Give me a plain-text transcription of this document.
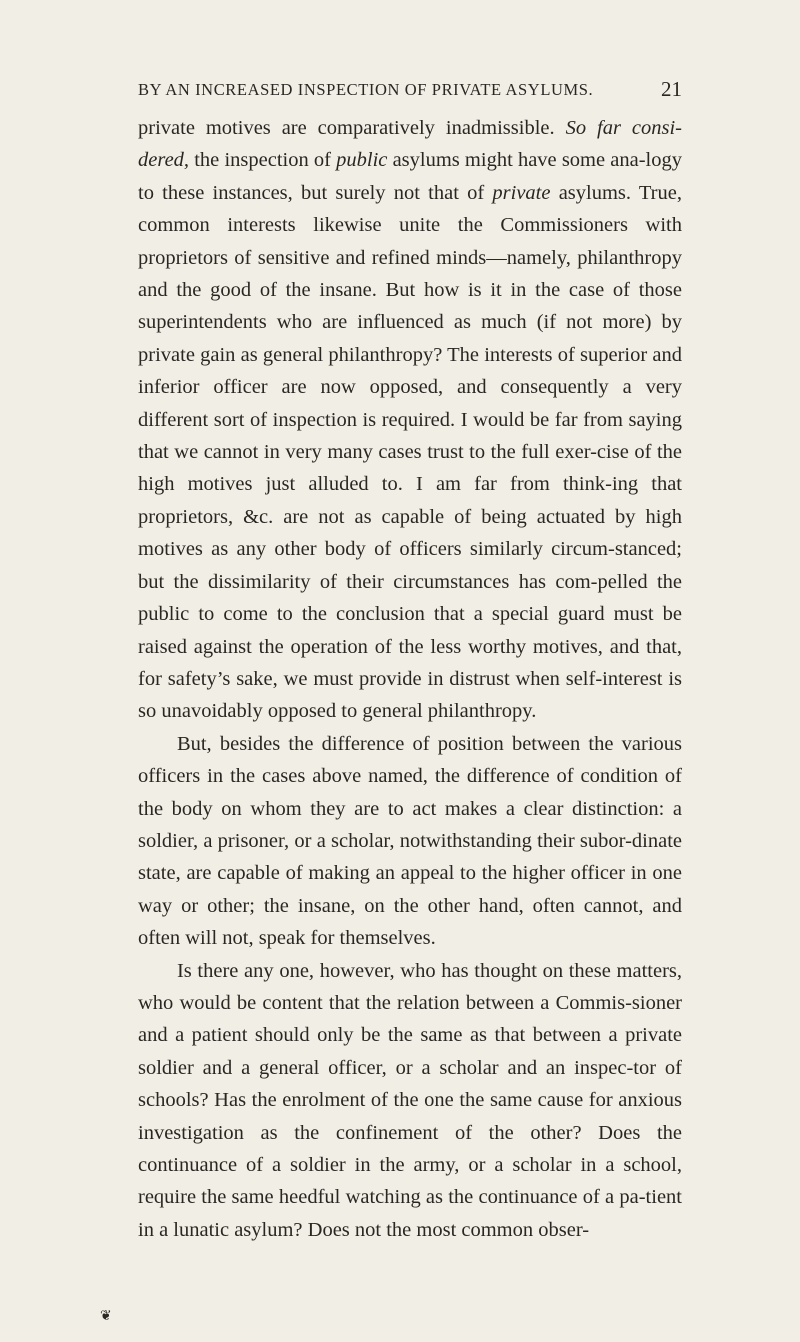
BY AN INCREASED INSPECTION OF PRIVATE ASYLUMS.	21

private motives are comparatively inadmissible. So far consi-dered, the inspection of public asylums might have some ana-logy to these instances, but surely not that of private asylums. True, common interests likewise unite the Commissioners with proprietors of sensitive and refined minds—namely, philanthropy and the good of the insane. But how is it in the case of those superintendents who are influenced as much (if not more) by private gain as general philanthropy? The interests of superior and inferior officer are now opposed, and consequently a very different sort of inspection is required. I would be far from saying that we cannot in very many cases trust to the full exer-cise of the high motives just alluded to. I am far from think-ing that proprietors, &c. are not as capable of being actuated by high motives as any other body of officers similarly circum-stanced; but the dissimilarity of their circumstances has com-pelled the public to come to the conclusion that a special guard must be raised against the operation of the less worthy motives, and that, for safety’s sake, we must provide in distrust when self-interest is so unavoidably opposed to general philanthropy.

But, besides the difference of position between the various officers in the cases above named, the difference of condition of the body on whom they are to act makes a clear distinction: a soldier, a prisoner, or a scholar, notwithstanding their subor-dinate state, are capable of making an appeal to the higher officer in one way or other; the insane, on the other hand, often cannot, and often will not, speak for themselves.

Is there any one, however, who has thought on these matters, who would be content that the relation between a Commis-sioner and a patient should only be the same as that between a private soldier and a general officer, or a scholar and an inspec-tor of schools? Has the enrolment of the one the same cause for anxious investigation as the confinement of the other? Does the continuance of a soldier in the army, or a scholar in a school, require the same heedful watching as the continuance of a pa-tient in a lunatic asylum? Does not the most common obser-

❦
